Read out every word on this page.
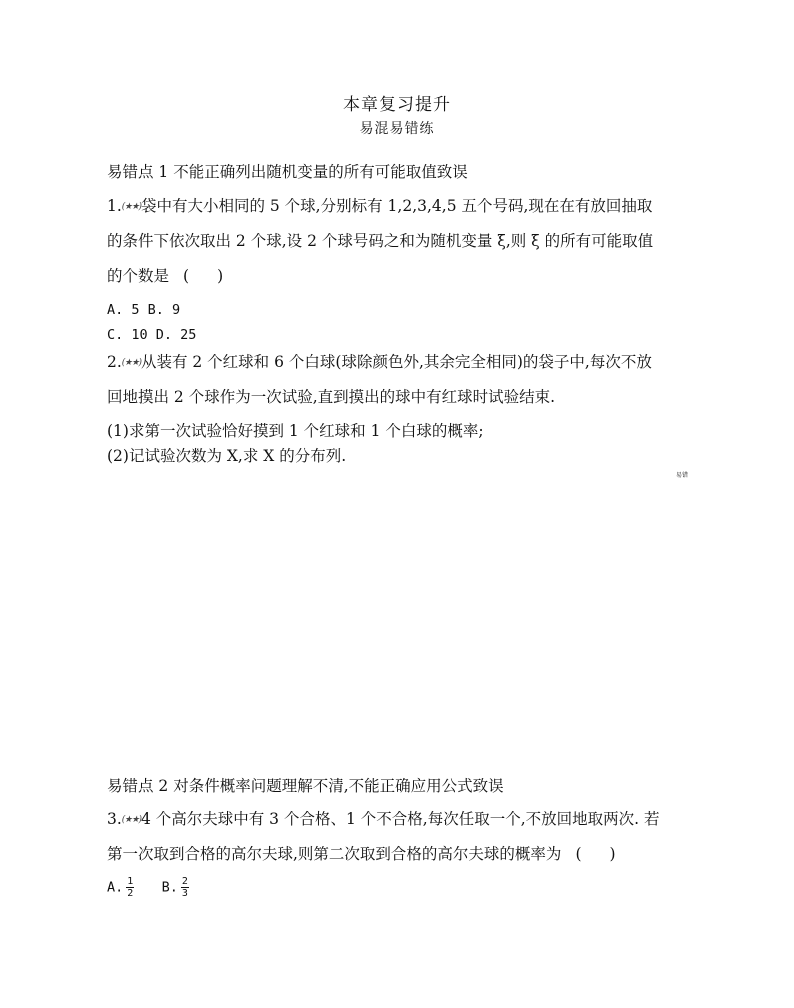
本章复习提升
易混易错练
易错点 1 不能正确列出随机变量的所有可能取值致误
1.(★★)袋中有大小相同的 5 个球,分别标有 1,2,3,4,5 五个号码,现在在有放回抽取
的条件下依次取出 2 个球,设 2 个球号码之和为随机变量 ξ,则 ξ 的所有可能取值
的个数是 ( )
A. 5 B. 9
C. 10 D. 25
2.(★★)从装有 2 个红球和 6 个白球(球除颜色外,其余完全相同)的袋子中,每次不放
回地摸出 2 个球作为一次试验,直到摸出的球中有红球时试验结束.
(1)求第一次试验恰好摸到 1 个红球和 1 个白球的概率;
(2)记试验次数为 X,求 X 的分布列.
易错
易错点 2 对条件概率问题理解不清,不能正确应用公式致误
3.(★★)4 个高尔夫球中有 3 个合格、1 个不合格,每次任取一个,不放回地取两次. 若
第一次取到合格的高尔夫球,则第二次取到合格的高尔夫球的概率为 ( )
A. $\frac{1}{2} B$. $\frac{2}{3}$
